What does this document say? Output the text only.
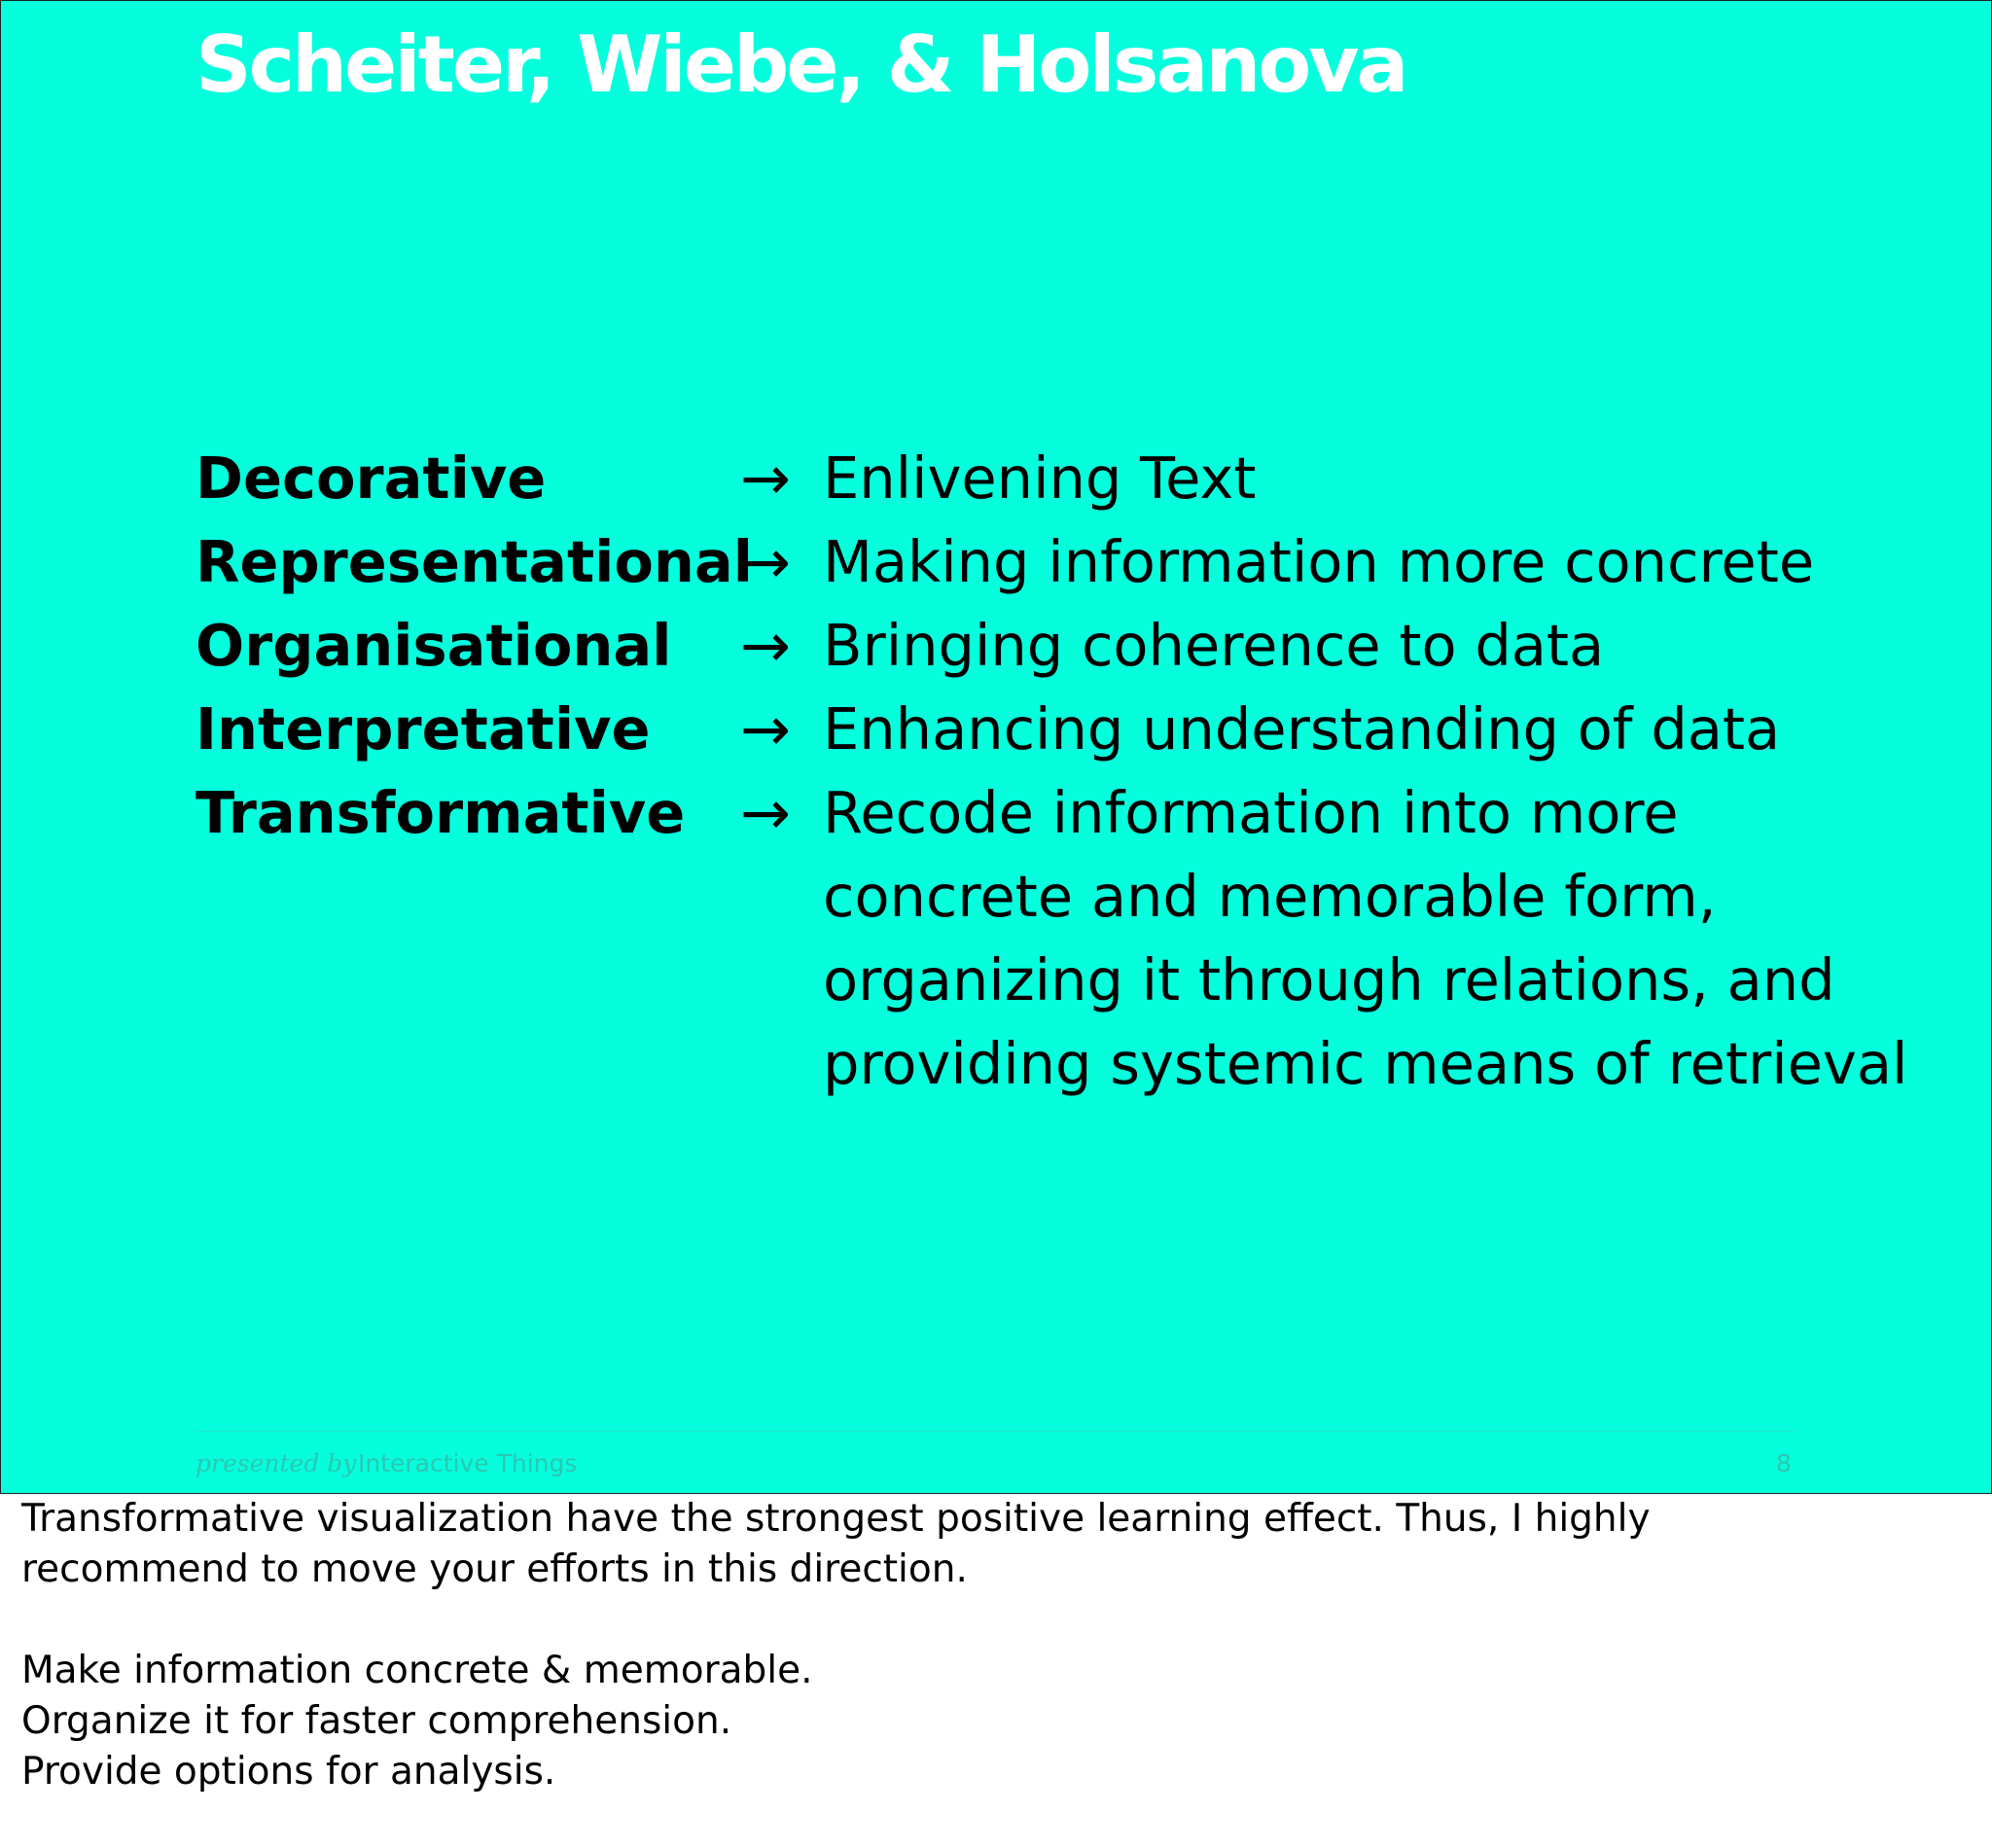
Scheiter, Wiebe, & Holsanova
Decorative	→ Enlivening Text
Representational
→ Making information more concrete
Organisational → Bringing coherence to data
Interpretative → Enhancing understanding of data
Transformative → Recode information into more
concrete and memorable form,
organizing it through relations, and
providing systemic means of retrieval
presented by Interactive Things	8

Transformative visualization have the strongest positive learning effect. Thus, I highly

recommend to move your efforts in this direction.

Make information concrete & memorable.

Organize it for faster comprehension.

Provide options for analysis.
